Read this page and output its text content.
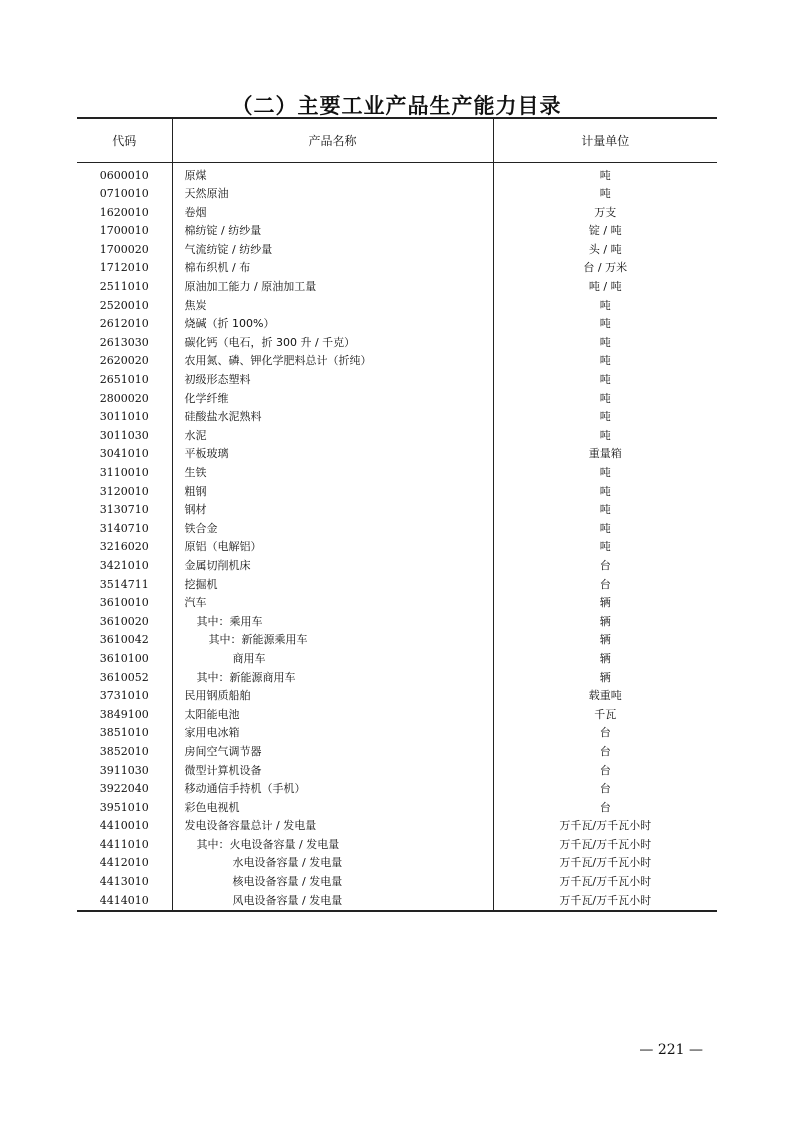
（二）主要工业产品生产能力目录
代码	产品名称	计量单位
0600010	原煤	吨
0710010	天然原油	吨
1620010	卷烟	万支
1700010	棉纺锭 / 纺纱量	锭 / 吨
1700020	气流纺锭 / 纺纱量	头 / 吨
1712010	棉布织机 / 布	台 / 万米
2511010	原油加工能力 / 原油加工量	吨 / 吨
2520010	焦炭	吨
2612010	烧碱（折 100%）	吨
2613030	碳化钙（电石，折 300 升 / 千克）	吨
2620020	农用氮、磷、钾化学肥料总计（折纯）	吨
2651010	初级形态塑料	吨
2800020	化学纤维	吨
3011010	硅酸盐水泥熟料	吨
3011030	水泥	吨
3041010	平板玻璃	重量箱
3110010	生铁	吨
3120010	粗钢	吨
3130710	钢材	吨
3140710	铁合金	吨
3216020	原铝（电解铝）	吨
3421010	金属切削机床	台
3514711	挖掘机	台
3610010	汽车	辆
3610020	其中：乘用车	辆
3610042	其中：新能源乘用车	辆
3610100	商用车	辆
3610052	其中：新能源商用车	辆
3731010	民用钢质船舶	载重吨
3849100	太阳能电池	千瓦
3851010	家用电冰箱	台
3852010	房间空气调节器	台
3911030	微型计算机设备	台
3922040	移动通信手持机（手机）	台
3951010	彩色电视机	台
4410010	发电设备容量总计 / 发电量	万千瓦/万千瓦小时
4411010	其中：火电设备容量 / 发电量	万千瓦/万千瓦小时
4412010	水电设备容量 / 发电量	万千瓦/万千瓦小时
4413010	核电设备容量 / 发电量	万千瓦/万千瓦小时
4414010	风电设备容量 / 发电量	万千瓦/万千瓦小时
— 221 —
